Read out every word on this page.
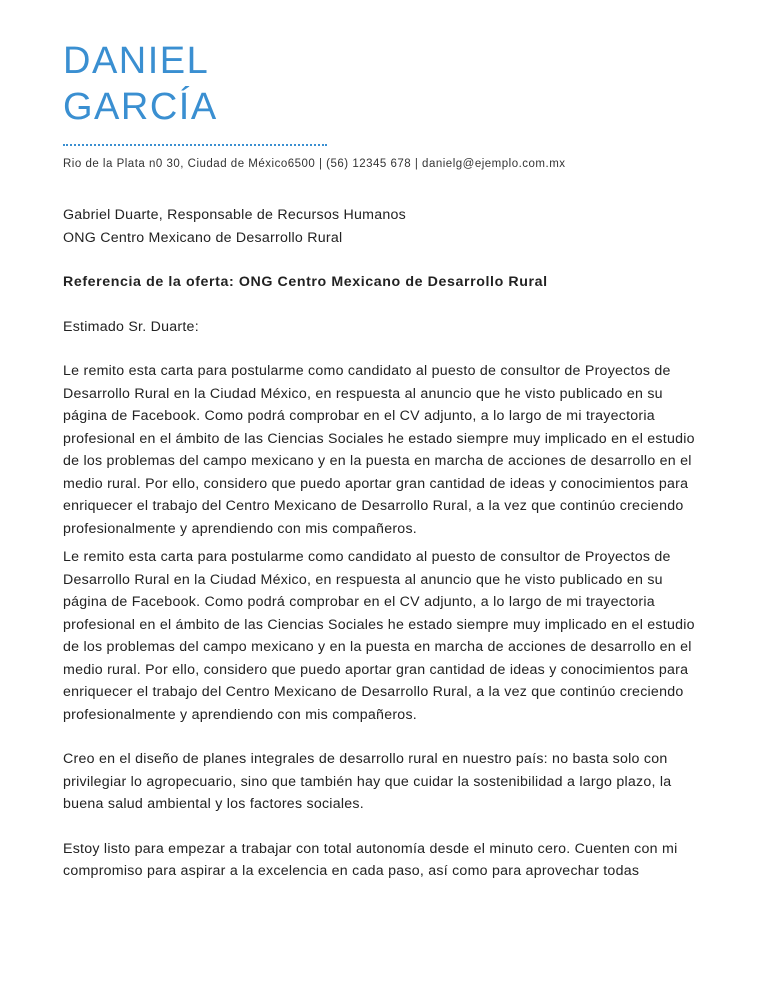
DANIEL
GARCÍA
Rio de la Plata n0 30, Ciudad de México6500 | (56) 12345 678 | danielg@ejemplo.com.mx

Gabriel Duarte, Responsable de Recursos Humanos
ONG Centro Mexicano de Desarrollo Rural

Referencia de la oferta: ONG Centro Mexicano de Desarrollo Rural

Estimado Sr. Duarte:

Le remito esta carta para postularme como candidato al puesto de consultor de Proyectos de Desarrollo Rural en la Ciudad México, en respuesta al anuncio que he visto publicado en su página de Facebook. Como podrá comprobar en el CV adjunto, a lo largo de mi trayectoria profesional en el ámbito de las Ciencias Sociales he estado siempre muy implicado en el estudio de los problemas del campo mexicano y en la puesta en marcha de acciones de desarrollo en el medio rural. Por ello, considero que puedo aportar gran cantidad de ideas y conocimientos para enriquecer el trabajo del Centro Mexicano de Desarrollo Rural, a la vez que continúo creciendo profesionalmente y aprendiendo con mis compañeros.

Le remito esta carta para postularme como candidato al puesto de consultor de Proyectos de Desarrollo Rural en la Ciudad México, en respuesta al anuncio que he visto publicado en su página de Facebook. Como podrá comprobar en el CV adjunto, a lo largo de mi trayectoria profesional en el ámbito de las Ciencias Sociales he estado siempre muy implicado en el estudio de los problemas del campo mexicano y en la puesta en marcha de acciones de desarrollo en el medio rural. Por ello, considero que puedo aportar gran cantidad de ideas y conocimientos para enriquecer el trabajo del Centro Mexicano de Desarrollo Rural, a la vez que continúo creciendo profesionalmente y aprendiendo con mis compañeros.

Creo en el diseño de planes integrales de desarrollo rural en nuestro país: no basta solo con privilegiar lo agropecuario, sino que también hay que cuidar la sostenibilidad a largo plazo, la buena salud ambiental y los factores sociales.

Estoy listo para empezar a trabajar con total autonomía desde el minuto cero. Cuenten con mi compromiso para aspirar a la excelencia en cada paso, así como para aprovechar todas
